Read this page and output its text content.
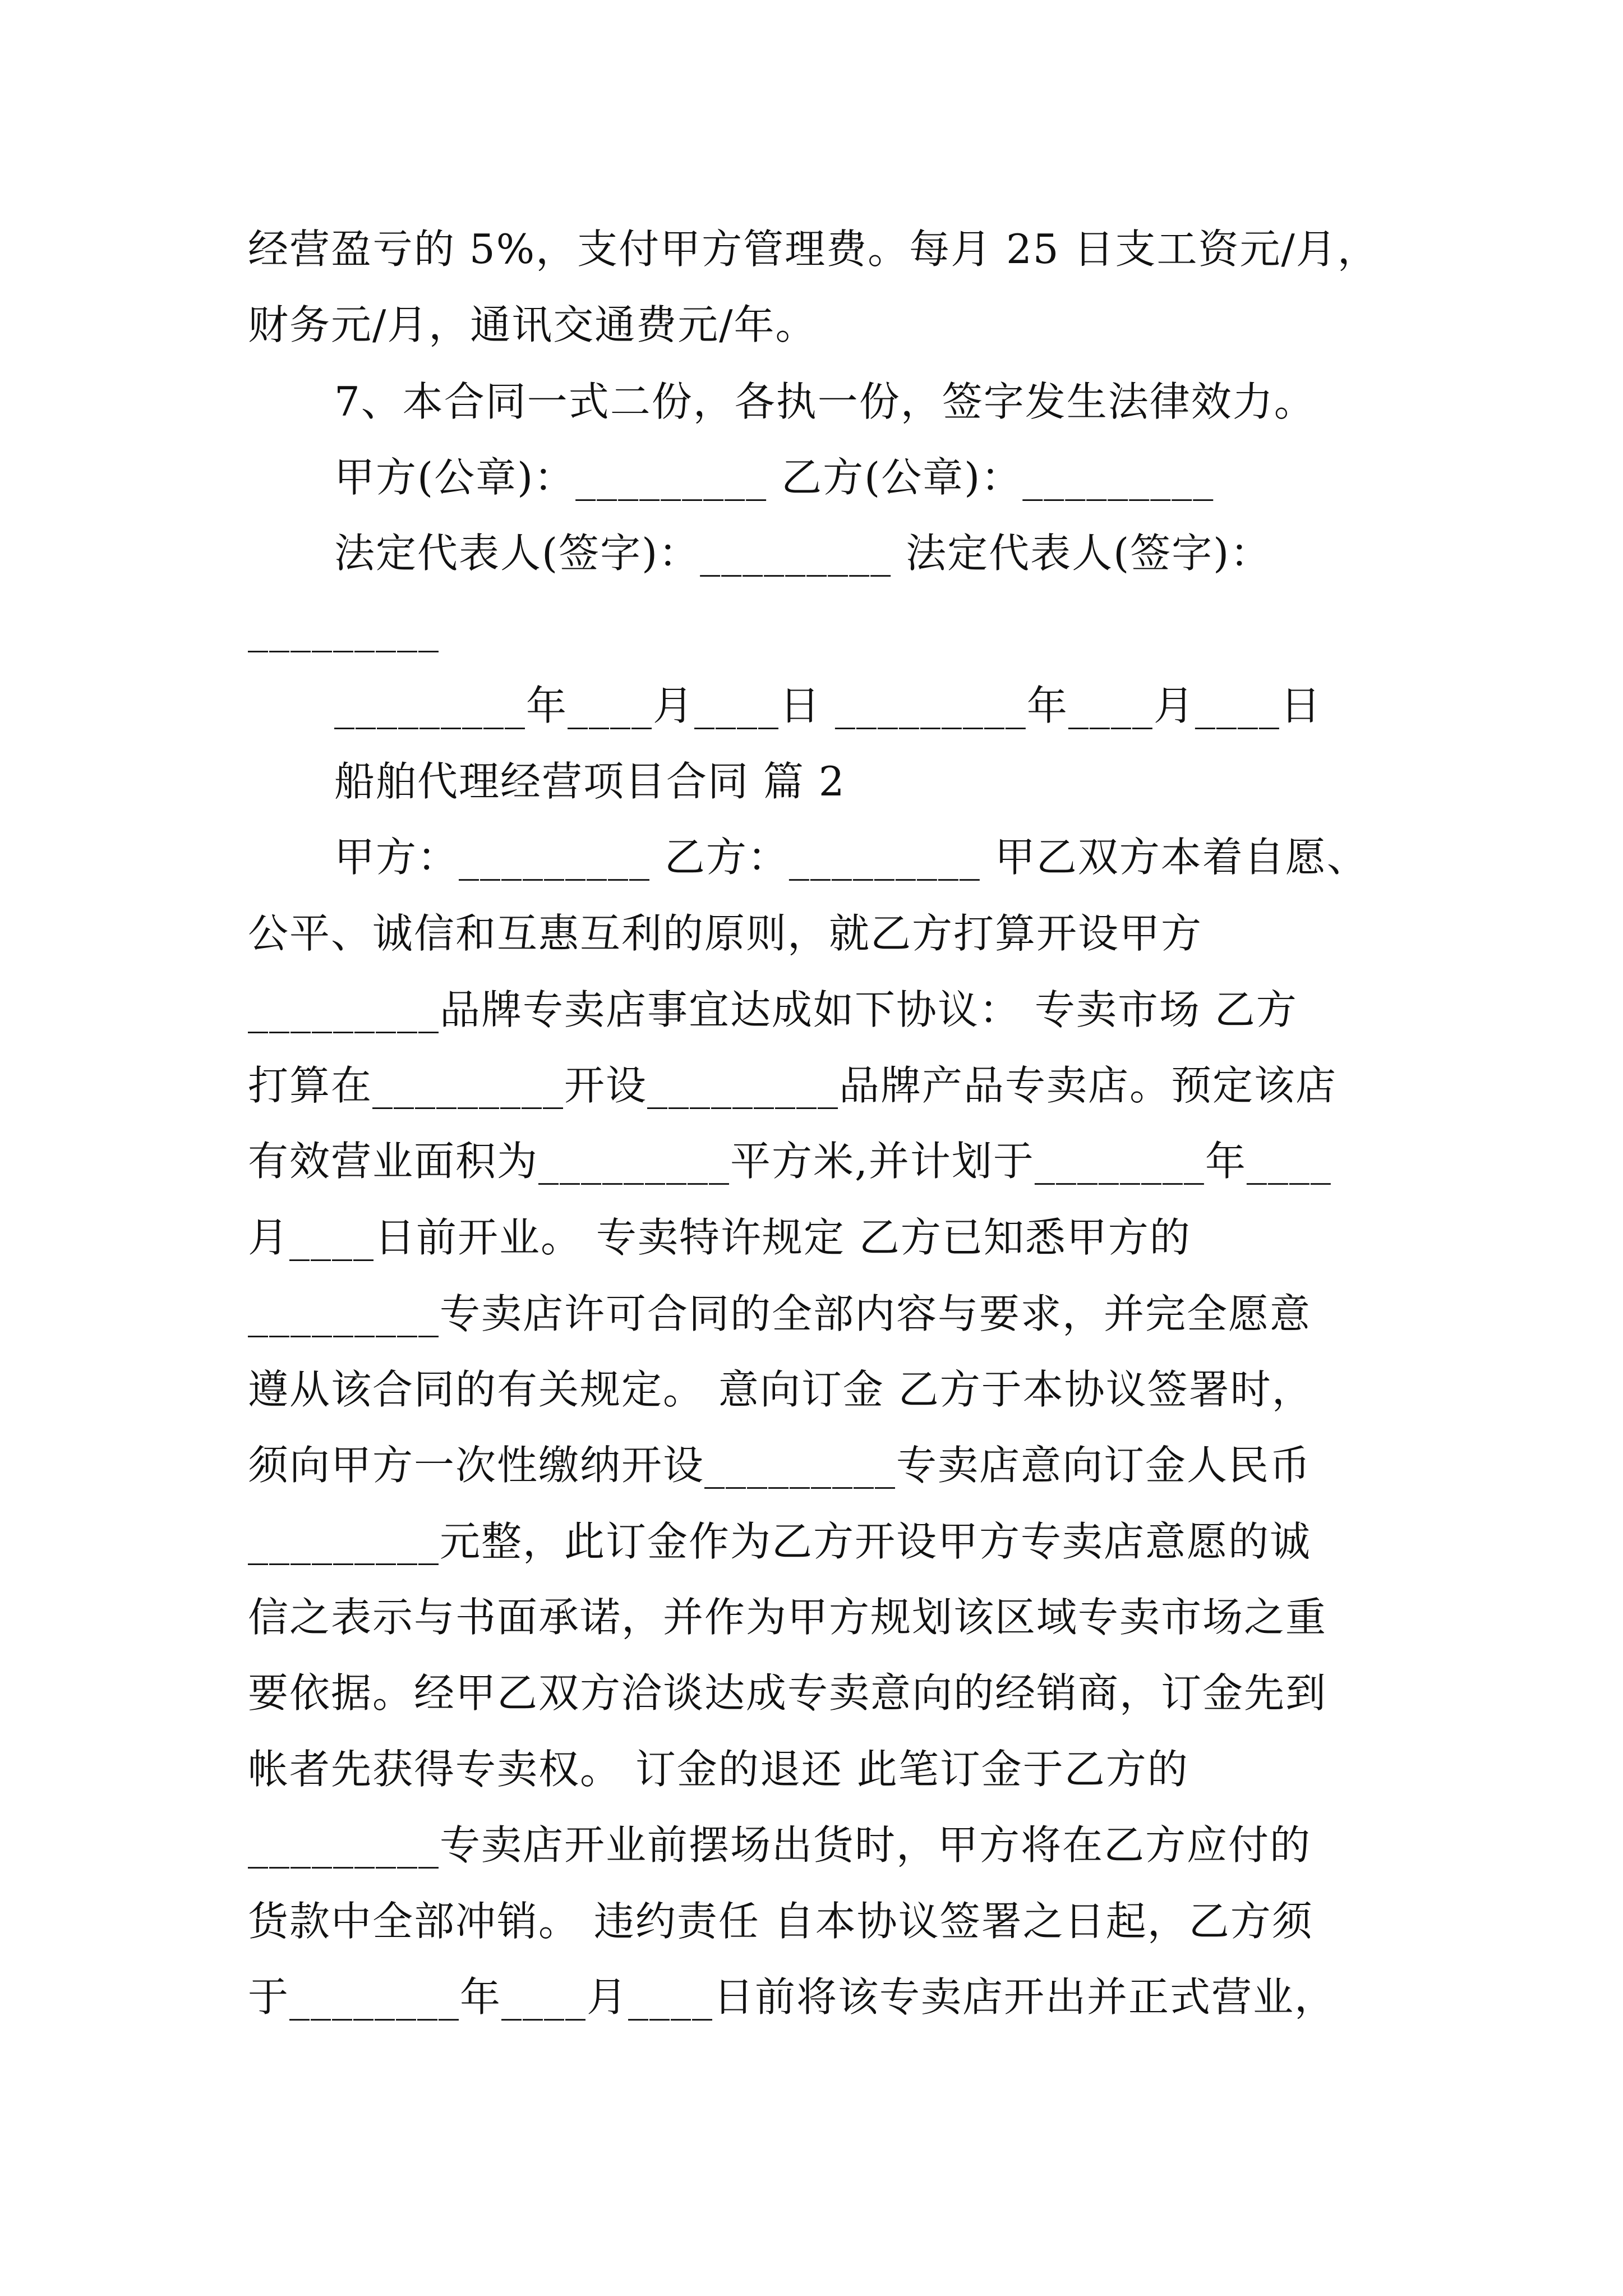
经营盈亏的 5%，支付甲方管理费。每月 25 日支工资元/月，
财务元/月，通讯交通费元/年。
7、本合同一式二份，各执一份，签字发生法律效力。
甲方(公章)：_________ 乙方(公章)：_________
法定代表人(签字)：_________ 法定代表人(签字)：
_________
_________年____月____日 _________年____月____日
船舶代理经营项目合同 篇 2
甲方：_________ 乙方：_________ 甲乙双方本着自愿、
公平、诚信和互惠互利的原则，就乙方打算开设甲方
_________品牌专卖店事宜达成如下协议： 专卖市场 乙方
打算在_________开设_________品牌产品专卖店。预定该店
有效营业面积为_________平方米,并计划于________年____
月____日前开业。 专卖特许规定 乙方已知悉甲方的
_________专卖店许可合同的全部内容与要求，并完全愿意
遵从该合同的有关规定。 意向订金 乙方于本协议签署时，
须向甲方一次性缴纳开设_________专卖店意向订金人民币
_________元整，此订金作为乙方开设甲方专卖店意愿的诚
信之表示与书面承诺，并作为甲方规划该区域专卖市场之重
要依据。经甲乙双方洽谈达成专卖意向的经销商，订金先到
帐者先获得专卖权。 订金的退还 此笔订金于乙方的
_________专卖店开业前摆场出货时，甲方将在乙方应付的
货款中全部冲销。 违约责任 自本协议签署之日起，乙方须
于________年____月____日前将该专卖店开出并正式营业，
